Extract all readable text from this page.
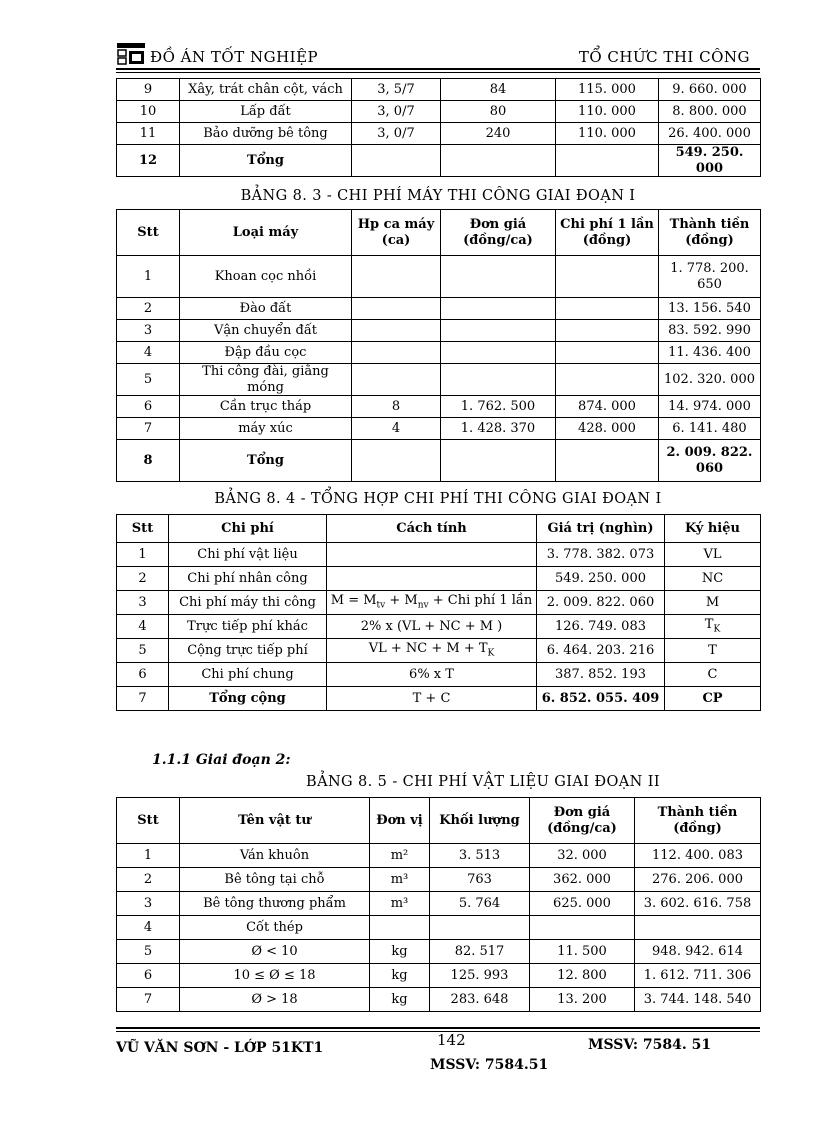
ĐỒ ÁN TỐT NGHIỆP	TỔ CHỨC THI CÔNG
9	Xây, trát chân cột, vách	3, 5/7	84	115. 000	9. 660. 000
10	Lấp đất	3, 0/7	80	110. 000	8. 800. 000
11	Bảo dưỡng bê tông	3, 0/7	240	110. 000	26. 400. 000
12	Tổng				549. 250. 000
BẢNG 8. 3 - CHI PHÍ MÁY THI CÔNG GIAI ĐOẠN I
Stt	Loại máy	Hp ca máy (ca)	Đơn giá (đồng/ca)	Chi phí 1 lần (đồng)	Thành tiền (đồng)
1	Khoan cọc nhồi				1. 778. 200. 650
2	Đào đất				13. 156. 540
3	Vận chuyển đất				83. 592. 990
4	Đập đầu cọc				11. 436. 400
5	Thi công đài, giằng móng				102. 320. 000
6	Cần trục tháp	8	1. 762. 500	874. 000	14. 974. 000
7	máy xúc	4	1. 428. 370	428. 000	6. 141. 480
8	Tổng				2. 009. 822. 060
BẢNG 8. 4 - TỔNG HỢP CHI PHÍ THI CÔNG GIAI ĐOẠN I
Stt	Chi phí	Cách tính	Giá trị (nghìn)	Ký hiệu
1	Chi phí vật liệu		3. 778. 382. 073	VL
2	Chi phí nhân công		549. 250. 000	NC
3	Chi phí máy thi công	$M = M_{tv} + M_{nv}$ + Chi phí 1 lần	2. 009. 822. 060	M
4	Trực tiếp phí khác	2% x (VL + NC + M )	126. 749. 083	$T_K$
5	Cộng trực tiếp phí	VL + NC + $M + T_K$	6. 464. 203. 216	T
6	Chi phí chung	6% x T	387. 852. 193	C
7	Tổng cộng	T + C	6. 852. 055. 409	CP
1.1.1 Giai đoạn 2:
BẢNG 8. 5 - CHI PHÍ VẬT LIỆU GIAI ĐOẠN II
Stt	Tên vật tư	Đơn vị	Khối lượng	Đơn giá (đồng/ca)	Thành tiền (đồng)
1	Ván khuôn	m²	3. 513	32. 000	112. 400. 083
2	Bê tông tại chỗ	m³	763	362. 000	276. 206. 000
3	Bê tông thương phẩm	m³	5. 764	625. 000	3. 602. 616. 758
4	Cốt thép				
5	Ø < 10	kg	82. 517	11. 500	948. 942. 614
6	10 ≤ Ø ≤ 18	kg	125. 993	12. 800	1. 612. 711. 306
7	Ø > 18	kg	283. 648	13. 200	3. 744. 148. 540
VŨ VĂN SƠN - LỚP 51KT1	142	MSSV: 7584. 51
MSSV: 7584.51
